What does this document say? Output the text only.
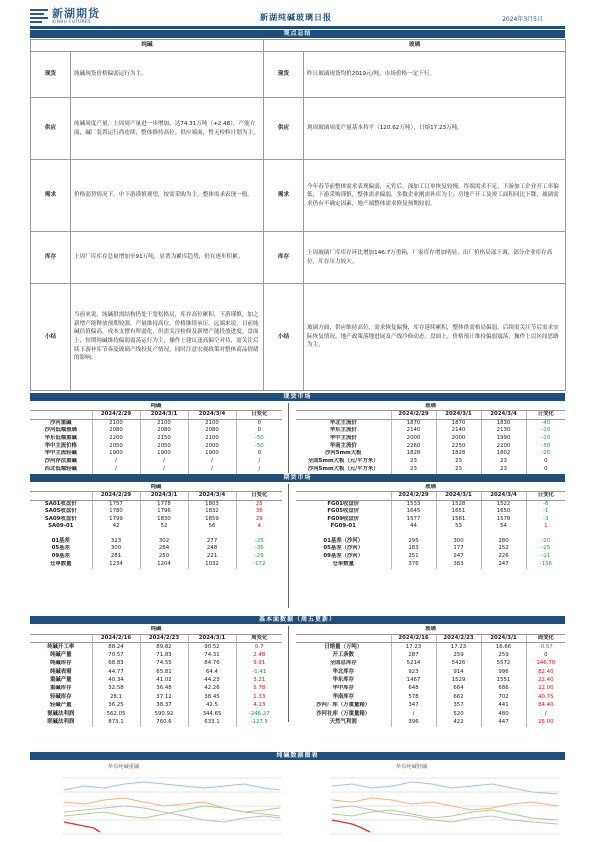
新湖期货
XINHU FUTURES	新湖纯碱玻璃日报	2024年3月5日
观点总结
纯碱		玻璃	
现货	纯碱现货价格偏弱运行为主。	现货	昨日玻璃现货均价2019元/吨，市场价格一定下行。
供应	纯碱周度产量，上周周产量进一步增加，达74.31万吨（+2.48），产能方面，碱厂装置运行尚连续，整体维持高位。供应端面，暂无检修计划为主。	供应	现周玻璃周度产量基本持平（120.62万吨），日熔17.23万吨。
需求	价格弱势情况下，中下游谨慎观望，按需采购为主，整体需求表现一般。	需求	今年春节前整体需求表现偏弱，元宵后，深加工订单恢复较慢，终端需求不足，下游加工企业开工率偏低，下游采购谨慎，整体需求偏弱，多数企业刚需补库为主；房地产开工及竣工面积同比下降，玻璃需求仍有不确定因素，地产端整体需求修复预期较弱。
库存	上周厂库库存总量增加至91万吨，显著为累库趋势，仍在逐步积累。	库存	上周玻璃厂库库存环比增加146.7万重箱，厂家库存增加明显，出厂价格局部下调，部分企业库存高位，库存压力较大。
小结	当前来说，纯碱供需结构仍处于宽松格局，库存高位累积，下游谨慎，加之新增产能释放预期较强，产量维持高位，价格继续承压。远端来说，目前纯碱估值偏高，成本支撑有所弱化，但需关注检修及新增产能投放进度。盘面上，短期纯碱维持偏弱震荡运行为主，操作上建议逢高偏空对待，需关注后续下游补库节奏及玻璃产线投复产情况，同时注意宏观政策对整体商品情绪的影响。	小结	玻璃方面，供应维持高位，需求恢复偏慢，库存延续累积，整体供需格局偏弱。后续需关注节后需求实际恢复情况、地产政策落地进展及产线冷修动态。盘面上，价格预计维持偏弱震荡，操作上以区间思路为主。
现货市场
纯碱				
	2024/2/29	2024/3/1	2024/3/4	日变化
沙河重碱	2100	2100	2100	0
沙河低端玻璃	2080	2080	2080	0
华东低端重碱	2200	2150	2100	-50
华中主流价格	2050	2050	2000	-50
华中主流轻碱	1900	1900	1900	0
沙河浮法重碱	/	/	/	/
西北低端轻碱	/	/	/	/
玻璃				
	2024/2/29	2024/3/1	2024/3/4	日变化
华北主流价	1870	1870	1830	-40
华东主流价	2140	2140	2130	-10
华中主流价	2000	2000	1990	-10
华南主流价	2260	2250	2200	-50
沙河5mm大板	1828	1828	1802	-26
全国5mm大板（元/平方米）	23	23	23	0
沙河5mm大板（元/平方米）	23	23	23	0
期货市场
纯碱				
	2024/2/29	2024/3/1	2024/3/4	日变化
SA01收盘价	1757	1778	1803	25
SA05收盘价	1780	1796	1832	36
SA09收盘价	1799	1830	1859	29
SA09-01	42	52	56	4
01基差	323	302	277	-25
05基差	300	284	248	-36
09基差	281	250	221	-29
仓单数量	1234	1204	1032	-172
玻璃				
	2024/2/29	2024/3/1	2024/3/4	日变化
FG01收盘价	1533	1528	1522	-6
FG05收盘价	1645	1651	1650	-1
FG09收盘价	1577	1581	1578	-3
FG09-01	44	53	54	1
01基差（沙河）	295	300	280	-20
05基差（沙河）	183	177	152	-25
09基差（沙河）	251	247	226	-21
仓单数量	376	383	247	-136
基本面数据（周五更新）
纯碱				
	2024/2/16	2024/2/23	2024/3/1	周变化
纯碱开工率	88.24	89.82	90.52	0.7
纯碱产量	70.57	71.83	74.31	2.48
纯碱库存	68.83	74.55	84.76	9.91
纯碱表需	44.77	65.81	64.4	-1.41
重碱产量	40.34	41.02	44.23	3.21
重碱库存	32.58	36.48	42.26	5.78
轻碱库存	28.1	37.12	38.45	1.33
轻碱产量	36.25	38.37	42.5	4.13
氨碱法利润	562.05	590.92	344.65	-246.27
联碱法利润	873.1	760.6	633.1	-127.5
玻璃				
	2024/2/16	2024/2/23	2024/3/1	周变化
日熔量（万吨）	17.23	17.23	16.66	-0.57
开工条数	287	259	259	0
全国总库存	5214	5426	5572	146.70
华北库存	923	914	996	82.40
华东库存	1467	1529	1551	22.40
华中库存	648	664	686	22.00
华南库存	578	662	702	40.75
沙河厂库（万重量箱）	347	357	441	84.40
沙河社库（万重量箱）	/	520	480	/
天然气利润	396	422	447	25.00
纯碱数据图表
华东纯碱重碱	华东纯碱轻碱
